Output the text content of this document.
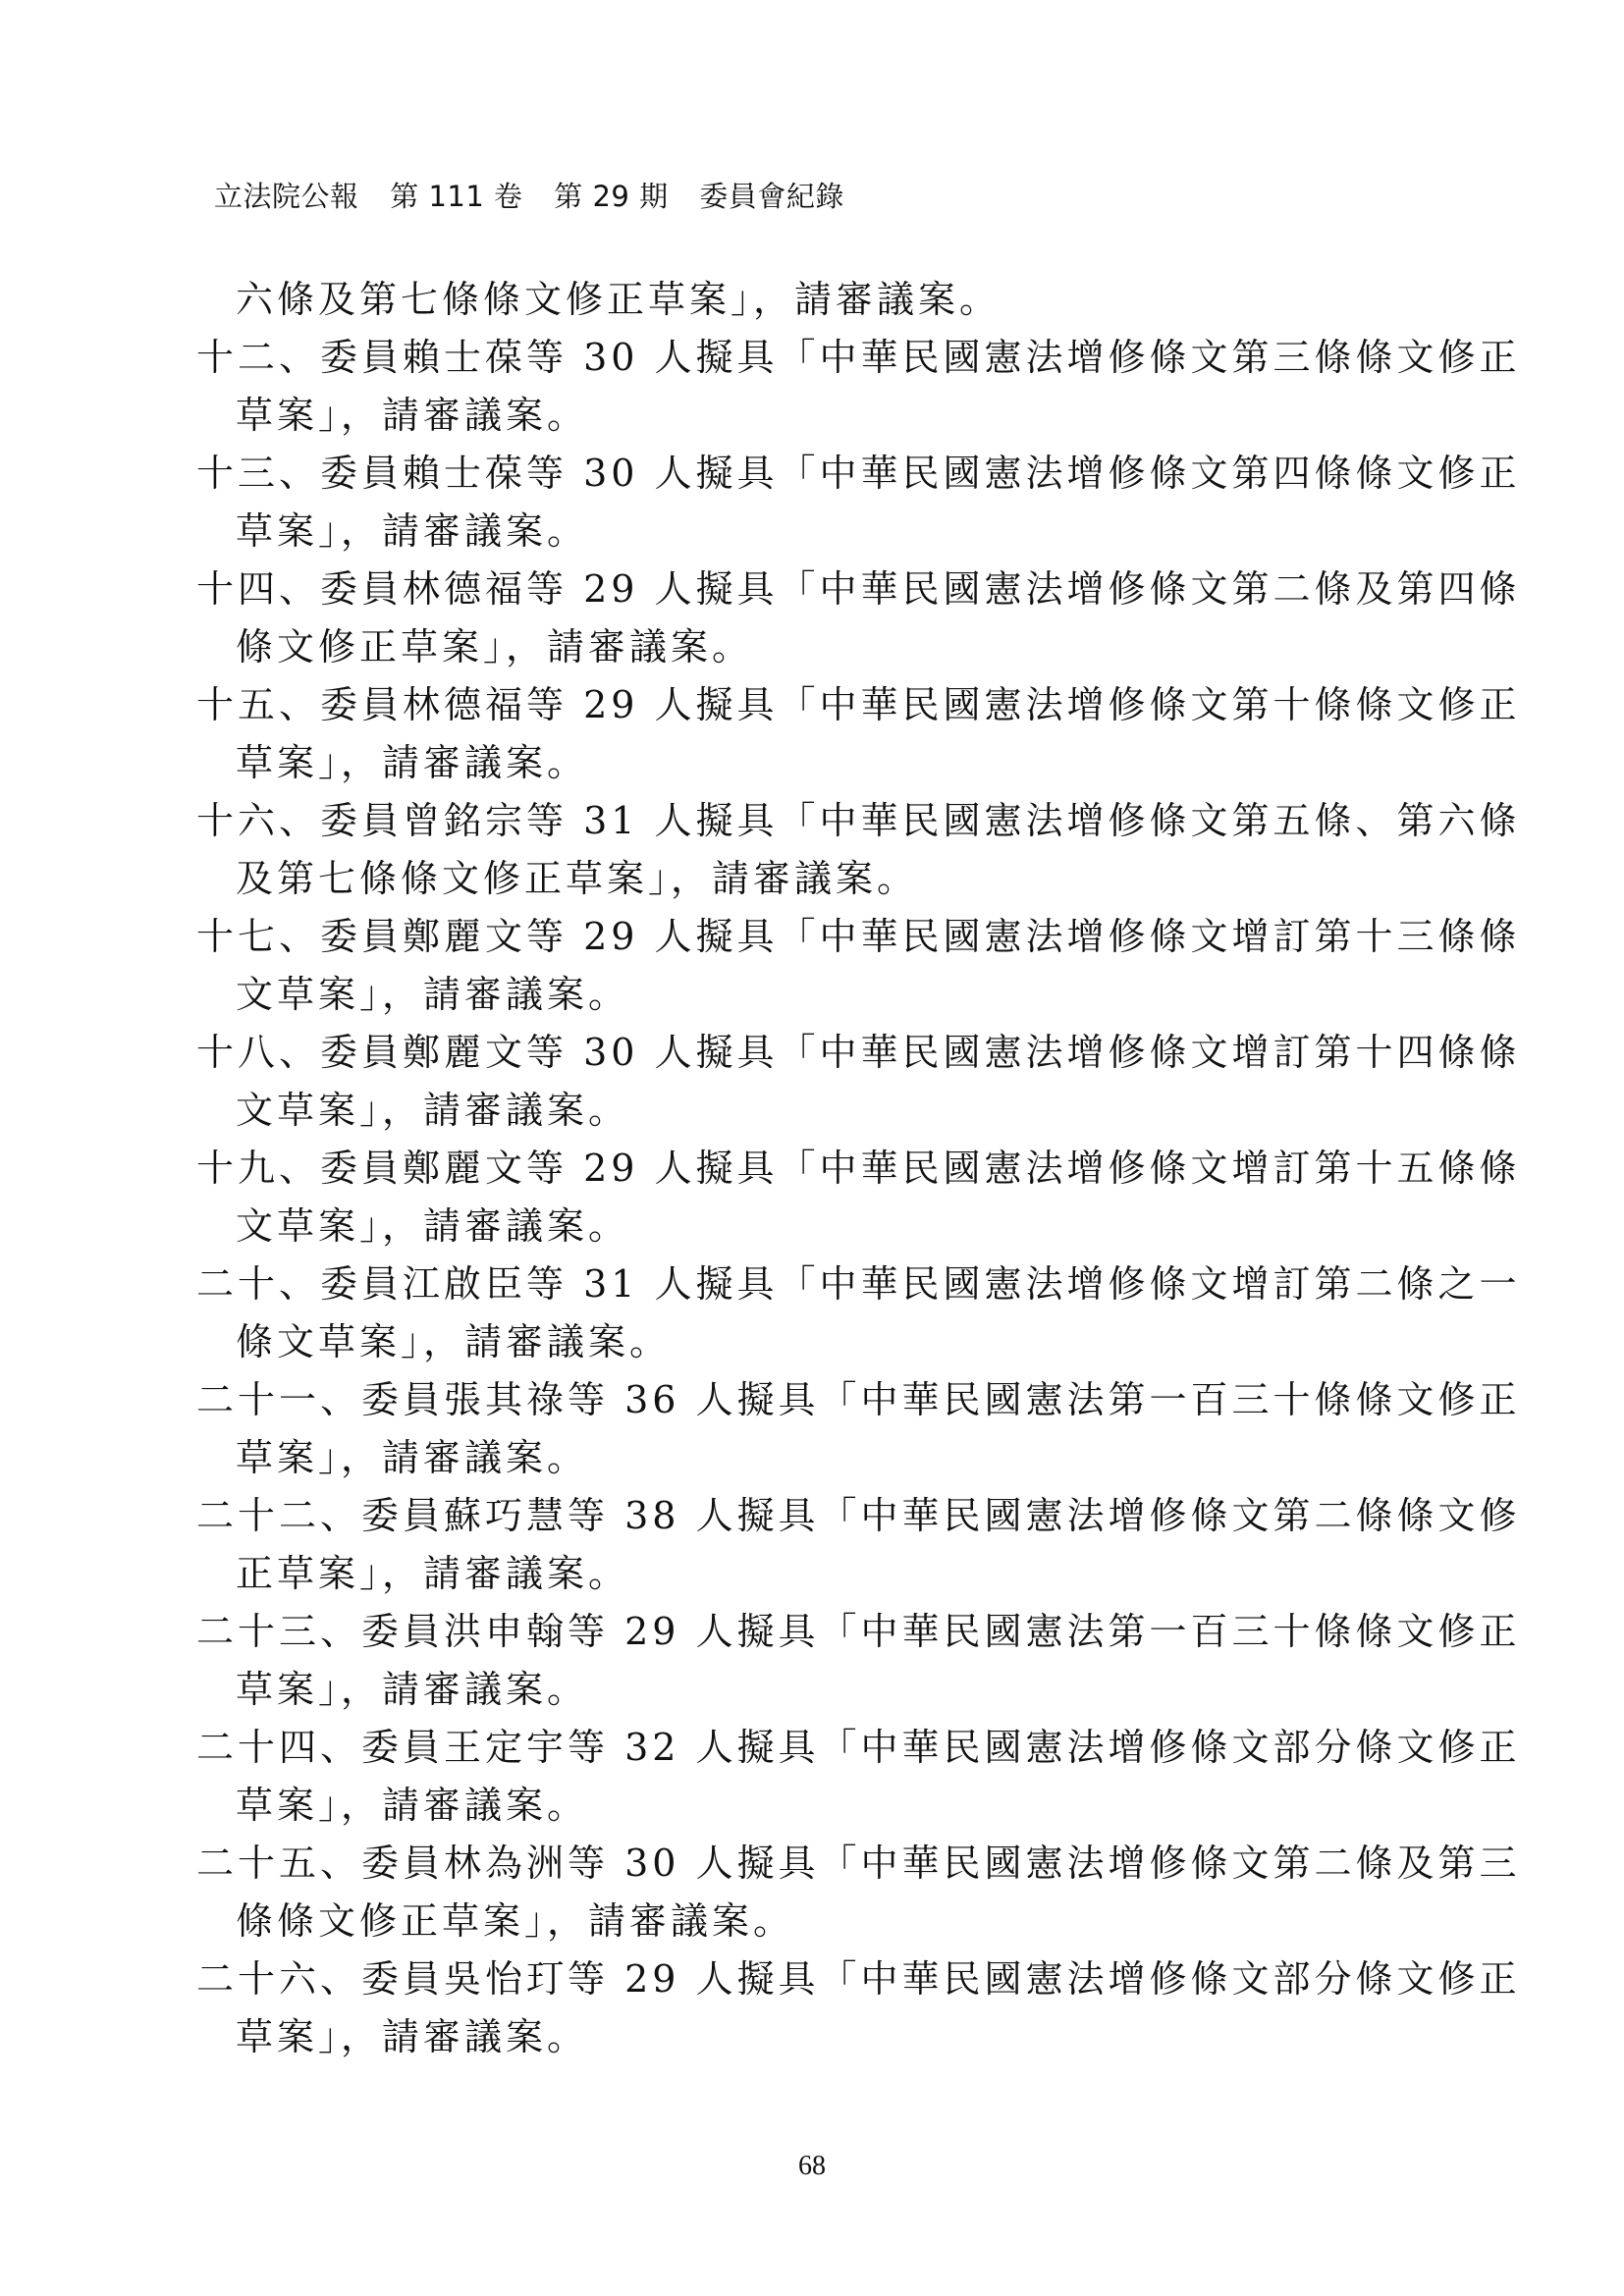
立法院公報 第 111 卷 第 29 期 委員會紀錄
六條及第七條條文修正草案」，請審議案。
十二、委員賴士葆等 30 人擬具「中華民國憲法增修條文第三條條文修正
草案」，請審議案。
十三、委員賴士葆等 30 人擬具「中華民國憲法增修條文第四條條文修正
草案」，請審議案。
十四、委員林德福等 29 人擬具「中華民國憲法增修條文第二條及第四條
條文修正草案」，請審議案。
十五、委員林德福等 29 人擬具「中華民國憲法增修條文第十條條文修正
草案」，請審議案。
十六、委員曾銘宗等 31 人擬具「中華民國憲法增修條文第五條、第六條
及第七條條文修正草案」，請審議案。
十七、委員鄭麗文等 29 人擬具「中華民國憲法增修條文增訂第十三條條
文草案」，請審議案。
十八、委員鄭麗文等 30 人擬具「中華民國憲法增修條文增訂第十四條條
文草案」，請審議案。
十九、委員鄭麗文等 29 人擬具「中華民國憲法增修條文增訂第十五條條
文草案」，請審議案。
二十、委員江啟臣等 31 人擬具「中華民國憲法增修條文增訂第二條之一
條文草案」，請審議案。
二十一、委員張其祿等 36 人擬具「中華民國憲法第一百三十條條文修正
草案」，請審議案。
二十二、委員蘇巧慧等 38 人擬具「中華民國憲法增修條文第二條條文修
正草案」，請審議案。
二十三、委員洪申翰等 29 人擬具「中華民國憲法第一百三十條條文修正
草案」，請審議案。
二十四、委員王定宇等 32 人擬具「中華民國憲法增修條文部分條文修正
草案」，請審議案。
二十五、委員林為洲等 30 人擬具「中華民國憲法增修條文第二條及第三
條條文修正草案」，請審議案。
二十六、委員吳怡玎等 29 人擬具「中華民國憲法增修條文部分條文修正
草案」，請審議案。
68
